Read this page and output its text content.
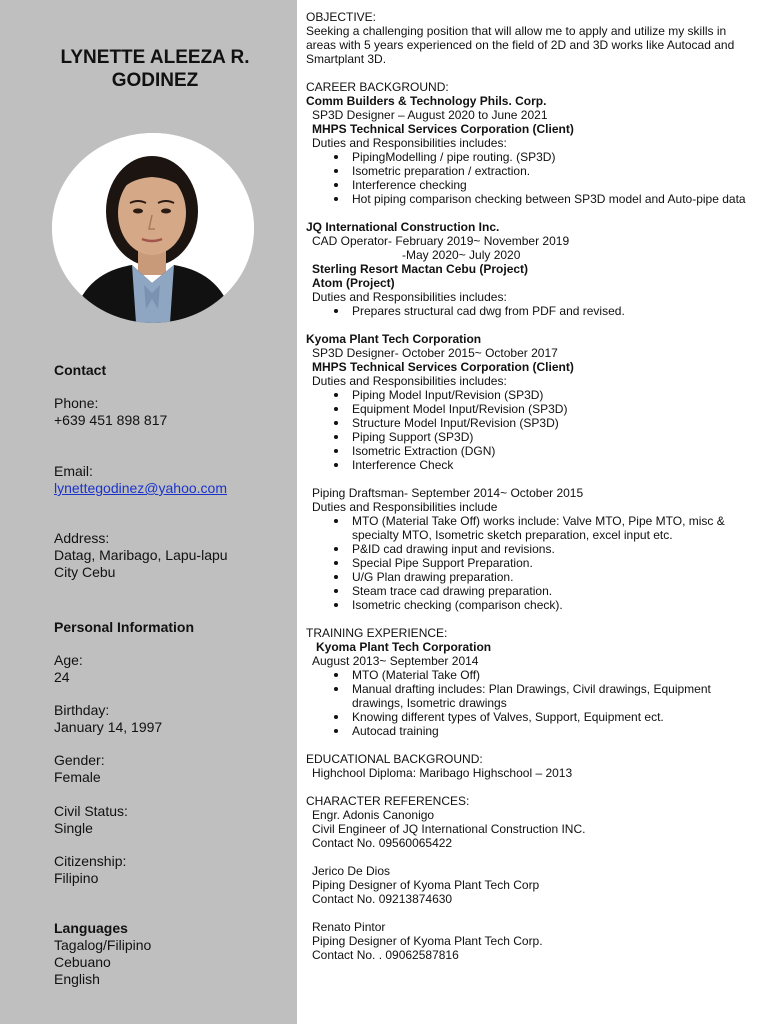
LYNETTE ALEEZA R. GODINEZ
Contact
Phone:
+639 451 898 817
Email:
lynettegodinez@yahoo.com
Address:
Datag, Maribago, Lapu-lapu
City Cebu
Personal Information
Age:
24
Birthday:
January 14, 1997
Gender:
Female
Civil Status:
Single
Citizenship:
Filipino
Languages
Tagalog/Filipino
Cebuano
English

OBJECTIVE:

Seeking a challenging position that will allow me to apply and utilize my skills in areas with 5 years experienced on the field of 2D and 3D works like Autocad and Smartplant 3D.

CAREER BACKGROUND:

Comm Builders & Technology Phils. Corp.

SP3D Designer – August 2020 to June 2021

MHPS Technical Services Corporation (Client)

Duties and Responsibilities includes:

PipingModelling / pipe routing. (SP3D)
Isometric preparation / extraction.
Interference checking
Hot piping comparison checking between SP3D model and Auto-pipe data

JQ International Construction Inc.

CAD Operator- February 2019~ November 2019

-May 2020~ July 2020

Sterling Resort Mactan Cebu (Project)

Atom (Project)

Duties and Responsibilities includes:

Prepares structural cad dwg from PDF and revised.

Kyoma Plant Tech Corporation

SP3D Designer- October 2015~ October 2017

MHPS Technical Services Corporation (Client)

Duties and Responsibilities includes:

Piping Model Input/Revision (SP3D)
Equipment Model Input/Revision (SP3D)
Structure Model Input/Revision (SP3D)
Piping Support (SP3D)
Isometric Extraction (DGN)
Interference Check

Piping Draftsman- September 2014~ October 2015

Duties and Responsibilities include

MTO (Material Take Off) works include: Valve MTO, Pipe MTO, misc & specialty MTO, Isometric sketch preparation, excel input etc.
P&ID cad drawing input and revisions.
Special Pipe Support Preparation.
U/G Plan drawing preparation.
Steam trace cad drawing preparation.
Isometric checking (comparison check).

TRAINING EXPERIENCE:

Kyoma Plant Tech Corporation

August 2013~ September 2014

MTO (Material Take Off)
Manual drafting includes: Plan Drawings, Civil drawings, Equipment drawings, Isometric drawings
Knowing different types of Valves, Support, Equipment ect.
Autocad training

EDUCATIONAL BACKGROUND:

Highchool Diploma: Maribago Highschool – 2013

CHARACTER REFERENCES:

Engr. Adonis Canonigo

Civil Engineer of JQ International Construction INC.

Contact No. 09560065422

Jerico De Dios

Piping Designer of Kyoma Plant Tech Corp

Contact No. 09213874630

Renato Pintor

Piping Designer of Kyoma Plant Tech Corp.

Contact No. . 09062587816
